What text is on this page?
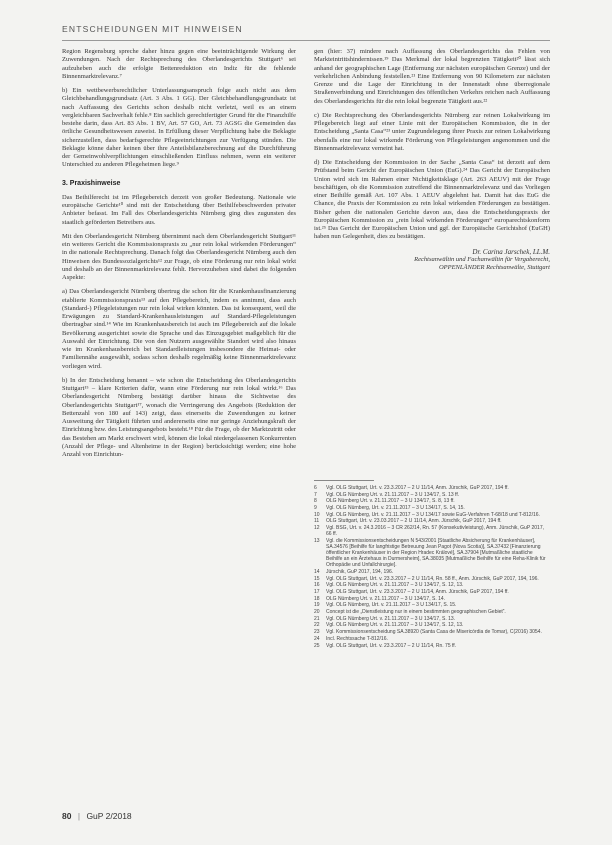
ENTSCHEIDUNGEN MIT HINWEISEN

Region Regensburg spreche daher hinzu gegen eine beeinträchtigende Wirkung der Zuwendungen. Nach der Rechtsprechung des Oberlandesgerichts Stuttgart⁶ sei aufzuheben auch die erfolgte Bettenreduktion ein Indiz für die fehlende Binnenmarktrelevanz.⁷

b) Ein wettbewerbsrechtlicher Unterlassungsanspruch folge auch nicht aus dem Gleichbehandlungsgrundsatz (Art. 3 Abs. 1 GG). Der Gleichbehandlungsgrundsatz ist nach Auffassung des Gerichts schon deshalb nicht verletzt, weil es an einem vergleichbaren Sachverhalt fehle.⁸ Ein sachlich gerechtfertigter Grund für die Finanzhilfe bestehe darin, dass Art. 83 Abs. 1 BV, Art. 57 GO, Art. 73 AGSG die Gemeinden das örtliche Gesundheitswesen zuweist. In Erfüllung dieser Verpflichtung habe die Beklagte sicherzustellen, dass bedarfsgerechte Pflegeeinrichtungen zur Verfügung stünden. Die Beklagte könne daher keinen über ihre Anteilsbilanzberechnung auf die Durchführung der Gemeinwohlverpflichtungen einschließenden Einfluss nehmen, wenn ein weiterer Unterschied zu anderen Pflegeheimen liege.⁹

3. Praxishinweise

Das Beihilferecht ist im Pflegebereich derzeit von großer Bedeutung. Nationale wie europäische Gerichte¹⁰ sind mit der Entscheidung über Beihilfebeschwerden privater Anbieter befasst. Im Fall des Oberlandesgerichts Nürnberg ging dies zugunsten des staatlich geförderten Betreibers aus.

Mit den Oberlandesgericht Nürnberg übernimmt nach dem Oberlandesgericht Stuttgart¹¹ ein weiteres Gericht die Kommissionspraxis zu „nur rein lokal wirkenden Förderungen“ in die nationale Rechtsprechung. Danach folgt das Oberlandesgericht Nürnberg auch den Hinweisen des Bundessozialgerichts¹² zur Frage, ob eine Förderung nur rein lokal wirkt und deshalb an der Binnenmarktrelevanz fehlt. Hervorzuheben sind dabei die folgenden Aspekte:

a) Das Oberlandesgericht Nürnberg übertrug die schon für die Krankenhausfinanzierung etablierte Kommissionspraxis¹³ auf den Pflegebereich, indem es annimmt, dass auch (Standard-) Pflegeleistungen nur rein lokal wirken könnten. Das ist konsequent, weil die Erwägungen zu Standard-Krankenhausleistungen auf Standard-Pflegeleistungen übertragbar sind.¹⁴ Wie im Krankenhausbereich ist auch im Pflegebereich auf die lokale Bevölkerung ausgerichtet sowie die Sprache und das Einzugsgebiet maßgeblich für die Auswahl der Einrichtung. Die von den Nutzern ausgewählte Standort wird also hinaus wie im Krankenhausbereich bei Standardleistungen insbesondere die Heimat- oder Familiennähe ausgewählt, sodass schon deshalb regelmäßig keine Binnenmarktrelevanz vorliegen wird.

b) In der Entscheidung benannt – wie schon die Entscheidung des Oberlandesgerichts Stuttgart¹⁵ – klare Kriterien dafür, wann eine Förderung nur rein lokal wirkt.¹⁶ Das Oberlandesgericht Nürnberg bestätigt darüber hinaus die Sichtweise des Oberlandesgerichts Stuttgart¹⁷, wonach die Verringerung des Angebots (Reduktion der Bettenzahl von 180 auf 143) zeigt, dass einerseits die Zuwendungen zu keiner Ausweitung der Tätigkeit führten und andererseits eine nur geringe Anziehungskraft der Einrichtung bzw. des Leistungsangebots besteht.¹⁸ Für die Frage, ob der Marktzutritt oder das Bestehen am Markt erschwert wird, können die lokal niedergelassenen Konkurrenten (Anzahl der Pflege- und Altenheime in der Region) berücksichtigt werden; eine hohe Anzahl von Einrichtun-

gen (hier: 37) mindere nach Auffassung des Oberlandesgerichts das Fehlen von Markteintrittshindernissen.¹⁹ Das Merkmal der lokal begrenzten Tätigkeit²⁰ lässt sich anhand der geographischen Lage (Entfernung zur nächsten europäischen Grenze) und der verkehrlichen Anbindung feststellen.²¹ Eine Entfernung von 90 Kilometern zur nächsten Grenze und die Lage der Einrichtung in der Innenstadt ohne überregionale Straßenverbindung und Einrichtungen des öffentlichen Verkehrs reichen nach Auffassung des Oberlandesgerichts für die rein lokal begrenzte Tätigkeit aus.²²

c) Die Rechtsprechung des Oberlandesgerichts Nürnberg zur reinen Lokalwirkung im Pflegebereich liegt auf einer Linie mit der Europäischen Kommission, die in der Entscheidung „Santa Casa“²³ unter Zugrundelegung ihrer Praxis zur reinen Lokalwirkung ebenfalls eine nur lokal wirkende Förderung von Pflegeleistungen angenommen und die Binnenmarktrelevanz verneint hat.

d) Die Entscheidung der Kommission in der Sache „Santa Casa“ ist derzeit auf dem Prüfstand beim Gericht der Europäischen Union (EuG).²⁴ Das Gericht der Europäischen Union wird sich im Rahmen einer Nichtigkeitsklage (Art. 263 AEUV) mit der Frage beschäftigen, ob die Kommission zutreffend die Binnenmarktrelevanz und das Vorliegen einer Beihilfe gemäß Art. 107 Abs. 1 AEUV abgelehnt hat. Damit hat das EuG die Chance, die Praxis der Kommission zu rein lokal wirkenden Förderungen zu bestätigen. Bisher gehen die nationalen Gerichte davon aus, dass die Entscheidungspraxis der Europäischen Kommission zu „rein lokal wirkenden Förderungen“ europarechtskonform ist.²⁵ Das Gericht der Europäischen Union und ggf. der Europäische Gerichtshof (EuGH) haben nun Gelegenheit, dies zu bestätigen.

Dr. Carina Jarschek, LL.M.
Rechtsanwältin und Fachanwältin für Vergaberecht,
OPPENLÄNDER Rechtsanwälte, Stuttgart
6	Vgl. OLG Stuttgart, Urt. v. 23.3.2017 – 2 U 11/14, Anm. Jürschik, GuP 2017, 194 ff.
7	Vgl. OLG Nürnberg Urt. v. 21.11.2017 – 3 U 134/17, S. 13 ff.
8	OLG Nürnberg Urt. v. 21.11.2017 – 3 U 134/17, S. 8, 13 ff.
9	Vgl. OLG Nürnberg, Urt. v. 21.11.2017 – 3 U 134/17, S. 14, 15.
10	Vgl. OLG Nürnberg, Urt. v. 21.11.2017 – 3 U 134/17 sowie EuG-Verfahren T-68/18 und T-812/16.
11	OLG Stuttgart, Urt. v. 23.03.2017 – 2 U 11/14, Anm. Jürschik, GuP 2017, 194 ff.
12	Vgl. BSG, Urt. v. 24.3.2016 – 3 CR 262/14, Rn. 57 (Konsekutivleistung), Anm. Jürschik, GuP 2017, 66 ff.
13	Vgl. die Kommissionsentscheidungen N 543/2001 [Staatliche Absicherung für Krankenhäuser], SA.34576 [Beihilfe für langfristige Betreuung Jean Pagot (Nova Scotia)], SA.37432 [Finanzierung öffentlicher Krankenhäuser in der Region Hradec Králové], SA.37904 [Mutmaßliche staatliche Beihilfe an ein Ärztehaus in Durmersheim], SA.38035 [Mutmaßliche Beihilfe für eine Reha-Klinik für Orthopädie und Unfallchirurgie].
14	Jürschik, GuP 2017, 194, 196.
15	Vgl. OLG Stuttgart, Urt. v. 23.3.2017 – 2 U 11/14, Rn. 58 ff., Anm. Jürschik, GuP 2017, 194, 196.
16	Vgl. OLG Nürnberg Urt. v. 21.11.2017 – 3 U 134/17, S. 12, 13.
17	Vgl. OLG Stuttgart, Urt. v. 23.3.2017 – 2 U 11/14, Anm. Jürschik, GuP 2017, 194 ff.
18	OLG Nürnberg Urt. v. 21.11.2017 – 3 U 134/17, S. 14.
19	Vgl. OLG Nürnberg, Urt. v. 21.11.2017 – 3 U 134/17, S. 15.
20	Concept ist die „Dienstleistung nur in einem bestimmten geographischen Gebiet“.
21	Vgl. OLG Nürnberg Urt. v. 21.11.2017 – 3 U 134/17, S. 13.
22	Vgl. OLG Nürnberg Urt. v. 21.11.2017 – 3 U 134/17, S. 12, 13.
23	Vgl. Kommissionsentscheidung SA.38920 (Santa Casa de Misericórdia de Tomar), C(2016) 3054.
24	Incl. Rechtssache T-812/16.
25	Vgl. OLG Stuttgart, Urt. v. 23.3.2017 – 2 U 11/14, Rn. 75 ff.
80 | GuP 2/2018
